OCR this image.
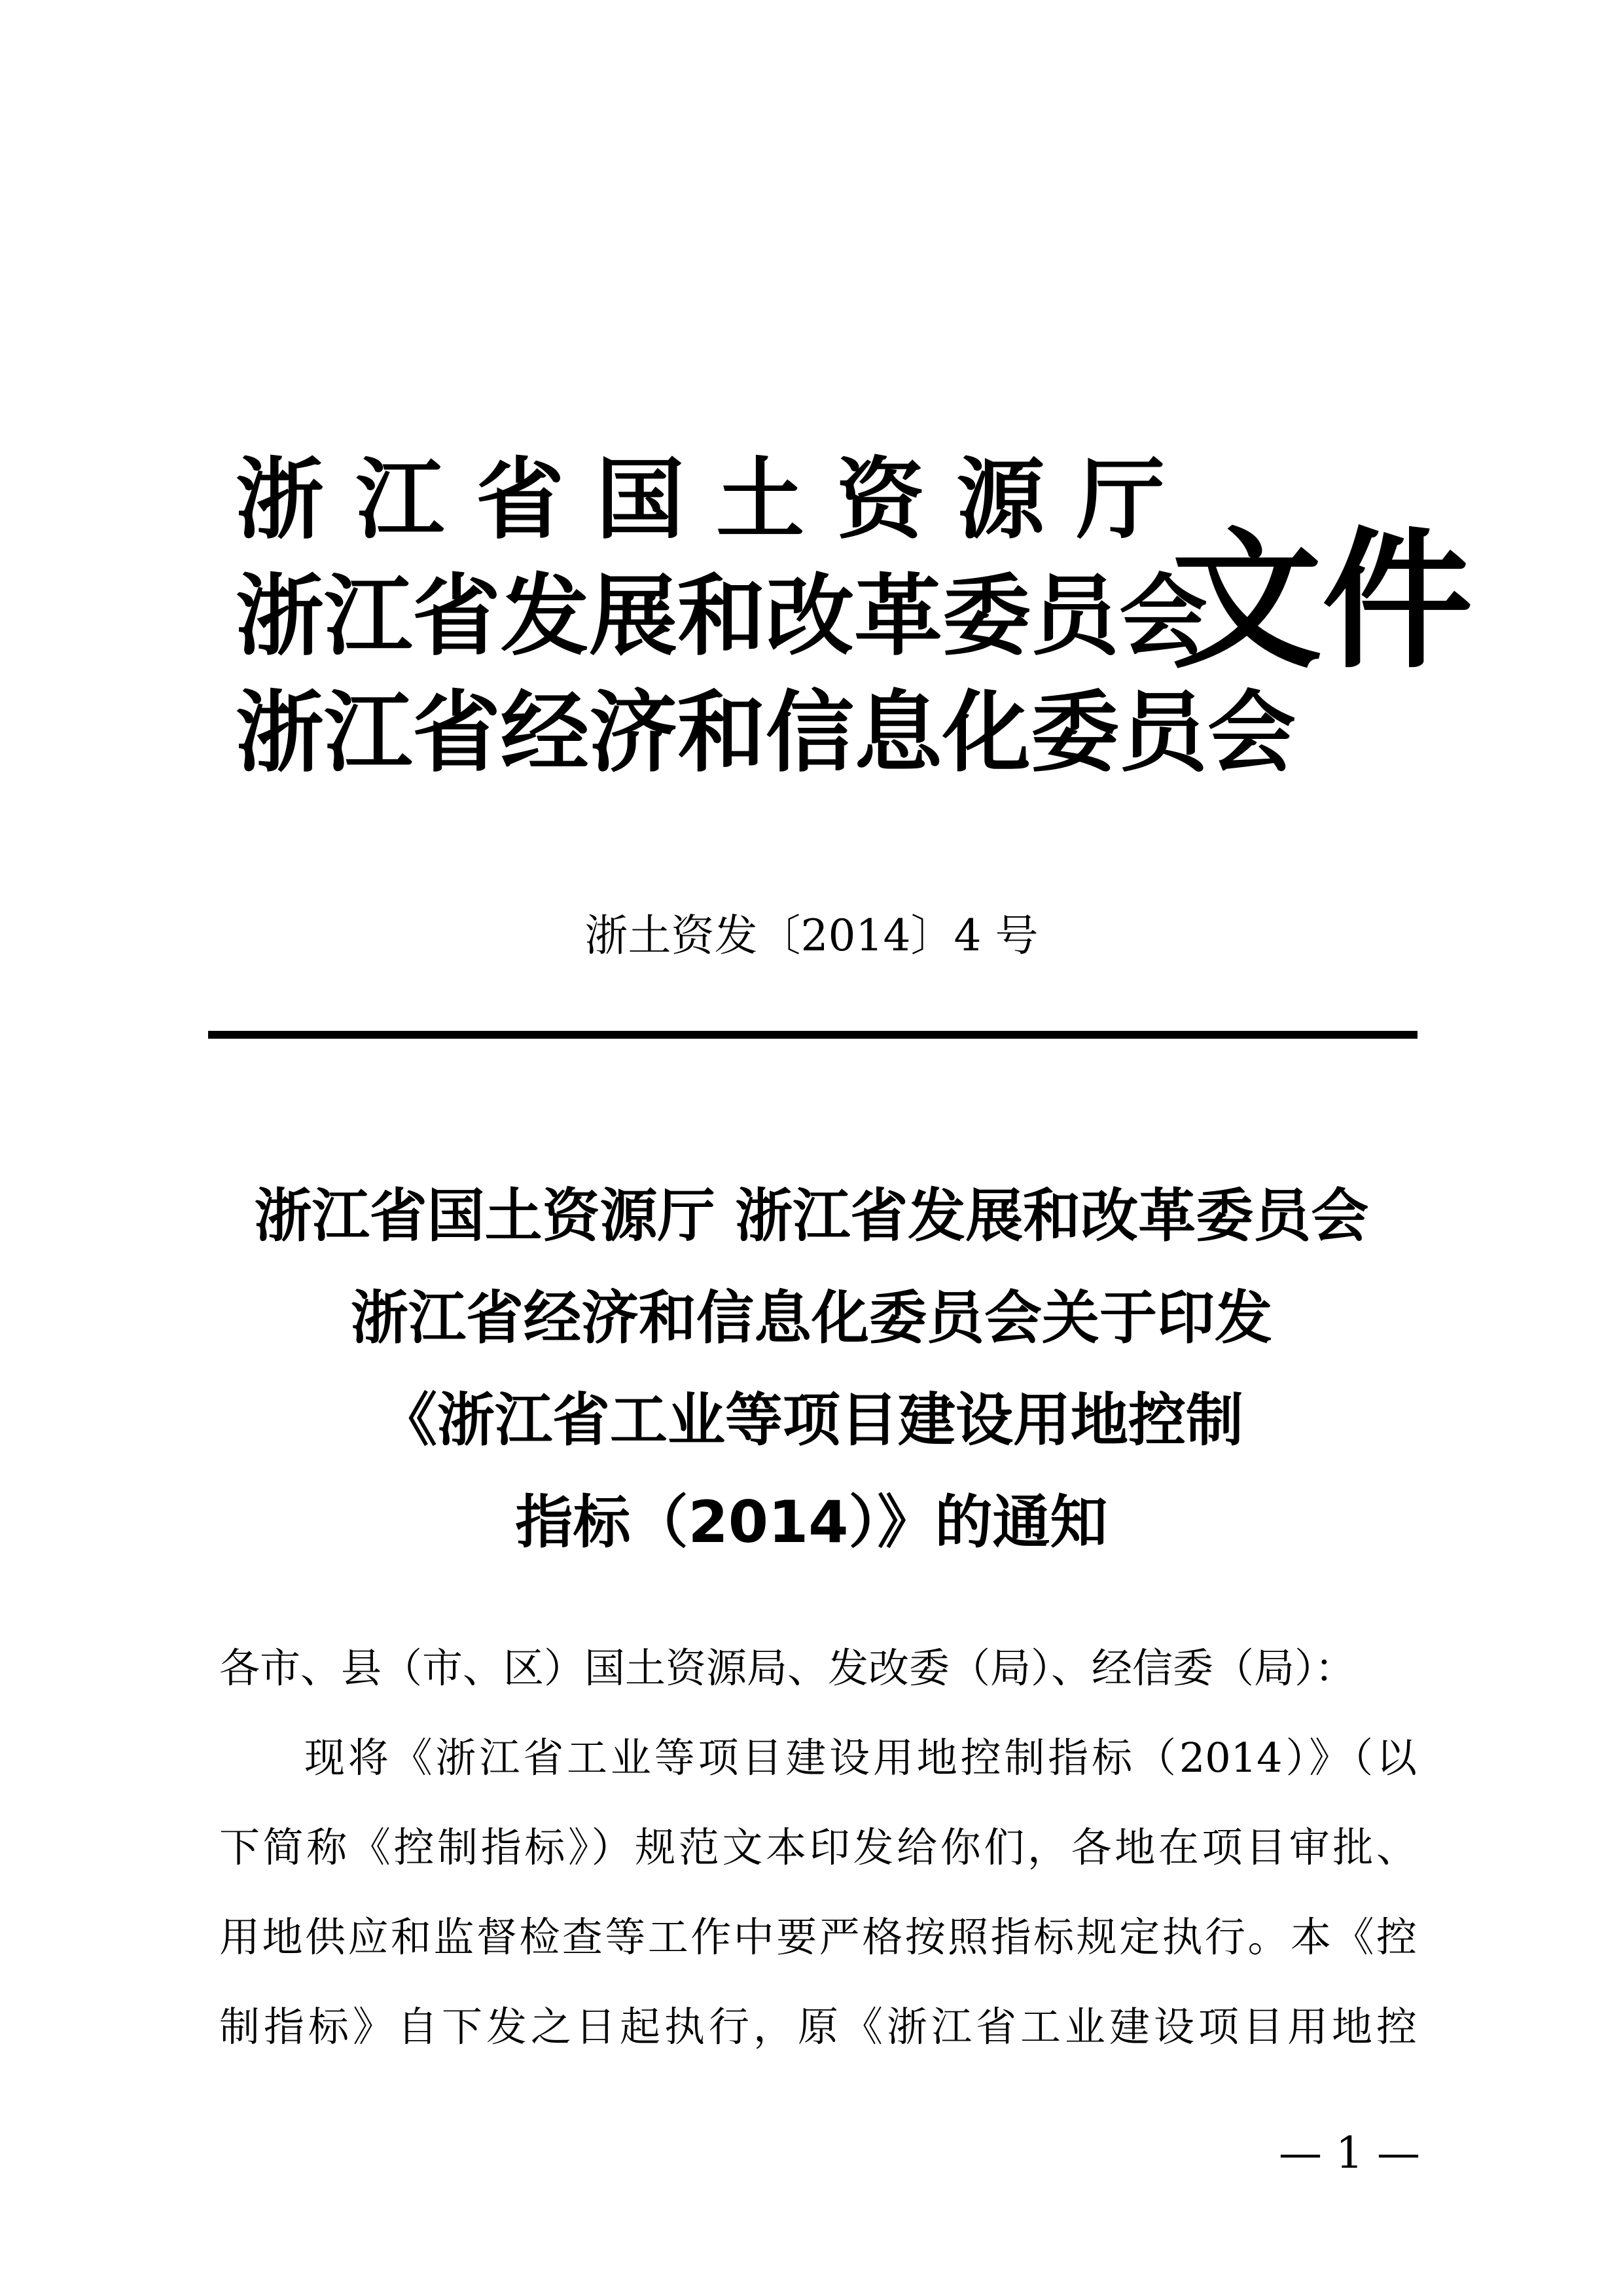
浙 江 省 国 土 资 源 厅
浙江省发展和改革委员会
浙江省经济和信息化委员会
文件
浙土资发〔2014〕4 号
浙江省国土资源厅 浙江省发展和改革委员会
浙江省经济和信息化委员会关于印发
《浙江省工业等项目建设用地控制
指标（2014）》的通知
各市、县（市、区）国土资源局、发改委（局）、经信委（局）：
现将《浙江省工业等项目建设用地控制指标（2014）》（以
下简称《控制指标》）规范文本印发给你们，各地在项目审批、
用地供应和监督检查等工作中要严格按照指标规定执行。本《控
制指标》自下发之日起执行，原《浙江省工业建设项目用地控
— 1 —
